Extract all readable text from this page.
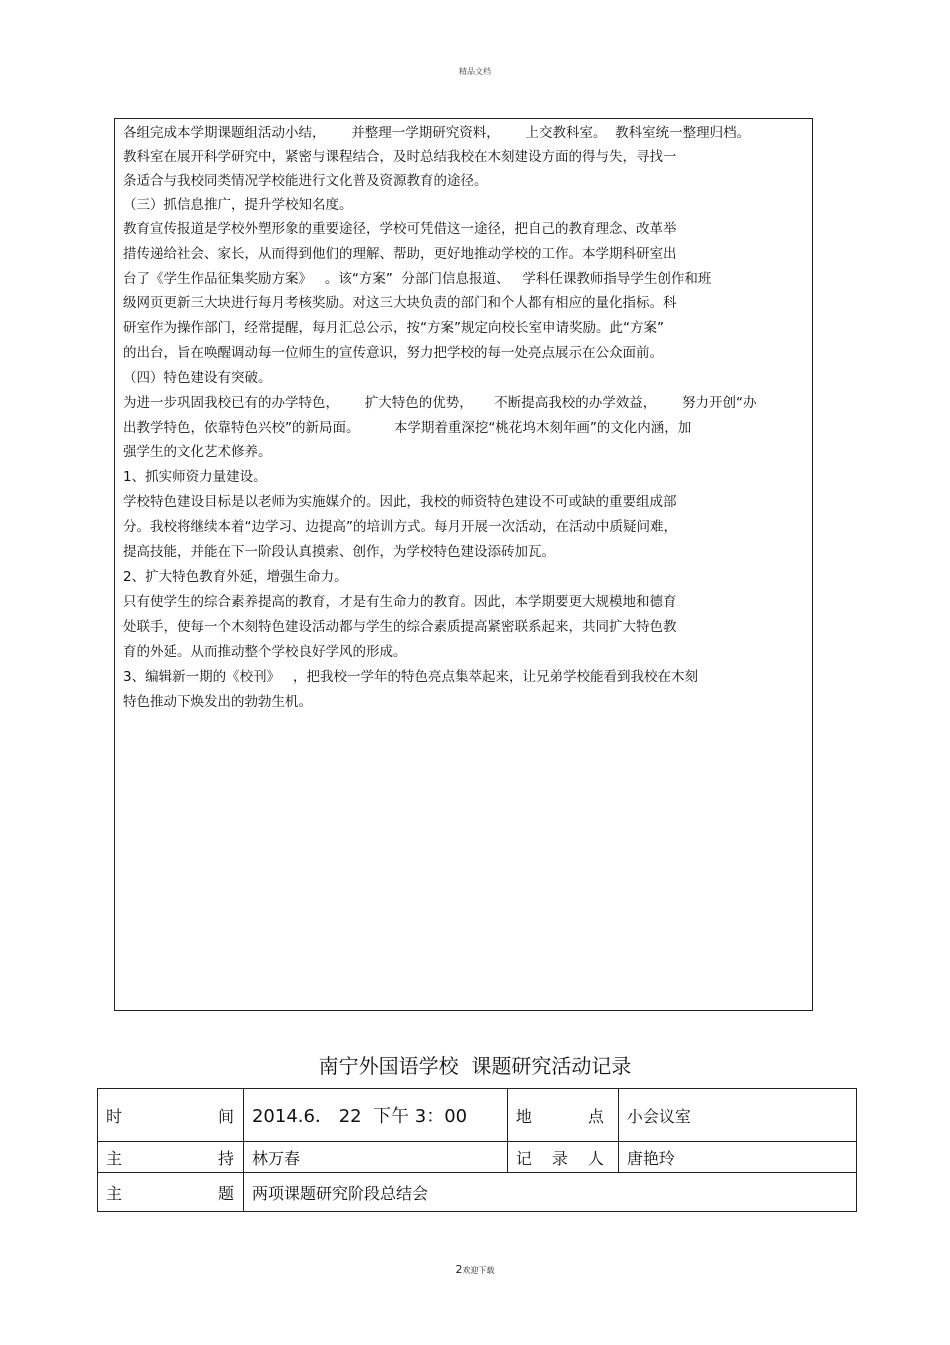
精品文档
各组完成本学期课题组活动小结，      并整理一学期研究资料，      上交教科室。  教科室统一整理归档。
教科室在展开科学研究中，紧密与课程结合，及时总结我校在木刻建设方面的得与失，寻找一
条适合与我校同类情况学校能进行文化普及资源教育的途径。
（三）抓信息推广，提升学校知名度。
教育宣传报道是学校外塑形象的重要途径，学校可凭借这一途径，把自己的教育理念、改革举
措传递给社会、家长，从而得到他们的理解、帮助，更好地推动学校的工作。本学期科研室出
台了《学生作品征集奖励方案》   。该“方案”  分部门信息报道、   学科任课教师指导学生创作和班
级网页更新三大块进行每月考核奖励。对这三大块负责的部门和个人都有相应的量化指标。科
研室作为操作部门，经常提醒，每月汇总公示，按“方案”规定向校长室申请奖励。此“方案”
的出台，旨在唤醒调动每一位师生的宣传意识，努力把学校的每一处亮点展示在公众面前。
（四）特色建设有突破。
为进一步巩固我校已有的办学特色，      扩大特色的优势，     不断提高我校的办学效益，      努力开创“办
出教学特色，依靠特色兴校”的新局面。        本学期着重深挖“桃花坞木刻年画”的文化内涵，加
强学生的文化艺术修养。
1、抓实师资力量建设。
学校特色建设目标是以老师为实施媒介的。因此，我校的师资特色建设不可或缺的重要组成部
分。我校将继续本着“边学习、边提高”的培训方式。每月开展一次活动，在活动中质疑问难，
提高技能，并能在下一阶段认真摸索、创作，为学校特色建设添砖加瓦。
2、扩大特色教育外延，增强生命力。
只有使学生的综合素养提高的教育，才是有生命力的教育。因此，本学期要更大规模地和德育
处联手，使每一个木刻特色建设活动都与学生的综合素质提高紧密联系起来，共同扩大特色教
育的外延。从而推动整个学校良好学风的形成。
3、编辑新一期的《校刊》   ，把我校一学年的特色亮点集萃起来，让兄弟学校能看到我校在木刻
特色推动下焕发出的勃勃生机。
南宁外国语学校  课题研究活动记录
时 间	2014.6． 22  下午 3：00	地 点	小会议室

主 持	林万春	记 录 人	唐艳玲

主 题	两项课题研究阶段总结会		
2欢迎下载
